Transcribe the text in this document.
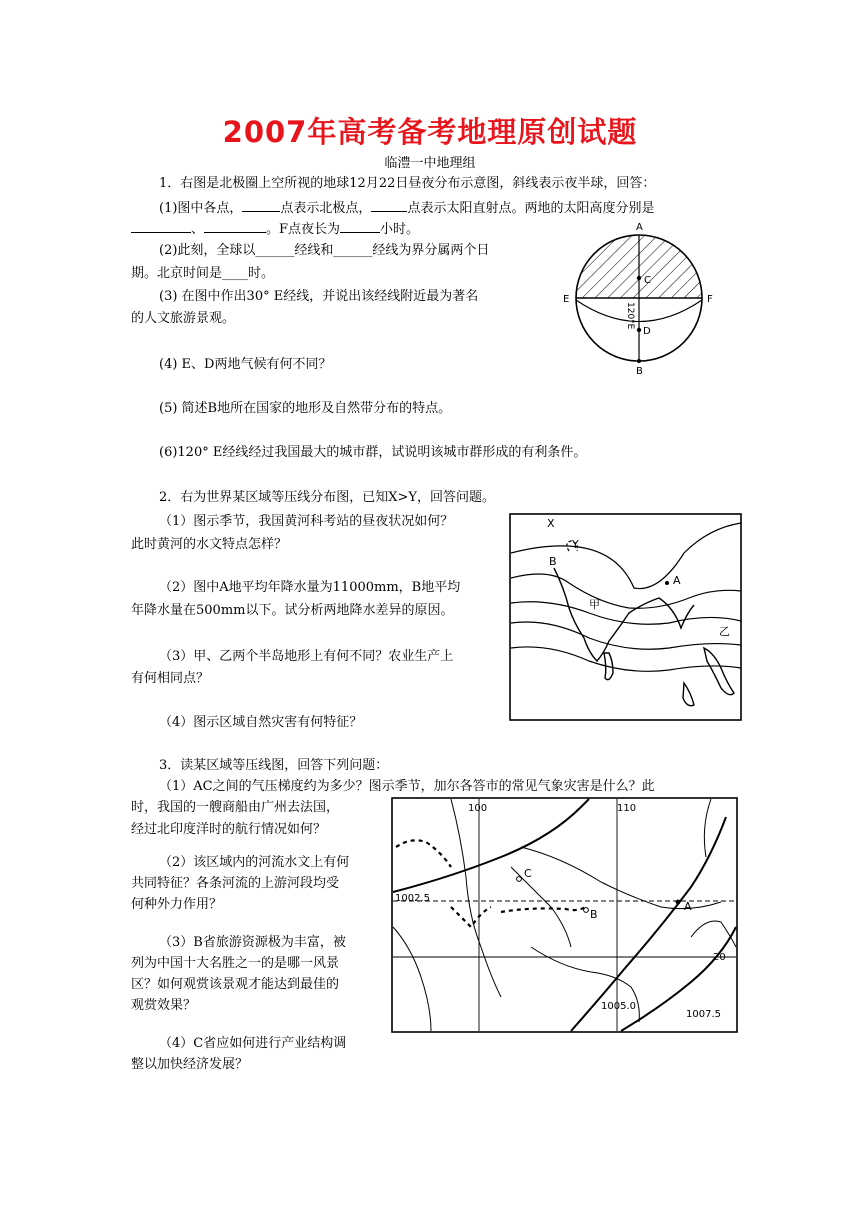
2007年高考备考地理原创试题
临澧一中地理组
1．右图是北极圈上空所视的地球12月22日昼夜分布示意图，斜线表示夜半球，回答：
(1)图中各点，	点表示北极点，	点表示太阳直射点。两地的太阳高度分别是
、	。F点夜长为	小时。
(2)此刻，全球以______经线和______经线为界分属两个日
期。北京时间是____时。
(3) 在图中作出30° E经线，并说出该经线附近最为著名
的人文旅游景观。
(4) E、D两地气候有何不同？
(5) 简述B地所在国家的地形及自然带分布的特点。
(6)120° E经线经过我国最大的城市群，试说明该城市群形成的有利条件。
A
C
E	F
D
B
120°E
2．右为世界某区域等压线分布图，已知X>Y，回答问题。
（1）图示季节，我国黄河科考站的昼夜状况如何？
此时黄河的水文特点怎样？
（2）图中A地平均年降水量为11000mm，B地平均
年降水量在500mm以下。试分析两地降水差异的原因。
（3）甲、乙两个半岛地形上有何不同？农业生产上
有何相同点？
（4）图示区域自然灾害有何特征？
X
Y
B
A
甲
乙
3．读某区域等压线图，回答下列问题：
（1）AC之间的气压梯度约为多少？图示季节，加尔各答市的常见气象灾害是什么？此
时，我国的一艘商船由广州去法国，
经过北印度洋时的航行情况如何？
（2）该区域内的河流水文上有何
共同特征？各条河流的上游河段均受
何种外力作用？
（3）B省旅游资源极为丰富，被
列为中国十大名胜之一的是哪一风景
区？如何观赏该景观才能达到最佳的
观赏效果？
（4）C省应如何进行产业结构调
整以加快经济发展？
C
B
A
100	110
20
1002.5
1005.0
1007.5
